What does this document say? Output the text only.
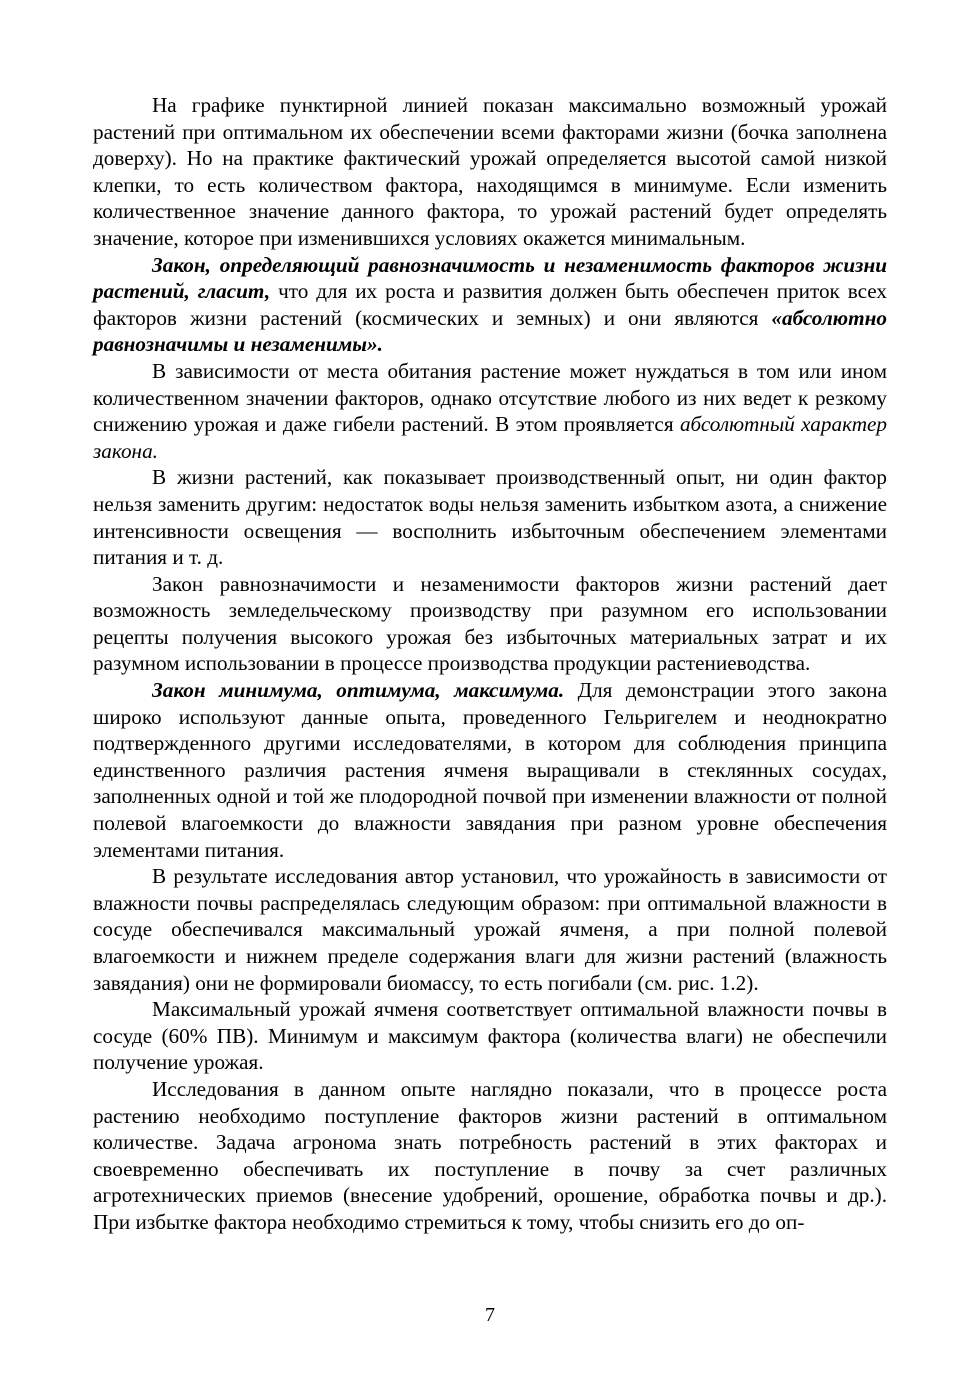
На графике пунктирной линией показан максимально возможный урожай растений при оптимальном их обеспечении всеми факторами жизни (бочка заполнена доверху). Но на практике фактический урожай определяется высотой самой низкой клепки, то есть количеством фактора, находящимся в минимуме. Если изменить количественное значение данного фактора, то урожай растений будет определять значение, которое при изменившихся условиях окажется минимальным.

Закон, определяющий равнозначимость и незаменимость факторов жизни растений, гласит, что для их роста и развития должен быть обеспечен приток всех факторов жизни растений (космических и земных) и они являются «абсолютно равнозначимы и незаменимы».

В зависимости от места обитания растение может нуждаться в том или ином количественном значении факторов, однако отсутствие любого из них ведет к резкому снижению урожая и даже гибели растений. В этом проявляется абсолютный характер закона.

В жизни растений, как показывает производственный опыт, ни один фактор нельзя заменить другим: недостаток воды нельзя заменить избытком азота, а снижение интенсивности освещения — восполнить избыточным обеспечением элементами питания и т. д.

Закон равнозначимости и незаменимости факторов жизни растений дает возможность земледельческому производству при разумном его использовании рецепты получения высокого урожая без избыточных материальных затрат и их разумном использовании в процессе производства продукции растениеводства.

Закон минимума, оптимума, максимума. Для демонстрации этого закона широко используют данные опыта, проведенного Гельригелем и неоднократно подтвержденного другими исследователями, в котором для соблюдения принципа единственного различия растения ячменя выращивали в стеклянных сосудах, заполненных одной и той же плодородной почвой при изменении влажности от полной полевой влагоемкости до влажности завядания при разном уровне обеспечения элементами питания.

В результате исследования автор установил, что урожайность в зависимости от влажности почвы распределялась следующим образом: при оптимальной влажности в сосуде обеспечивался максимальный урожай ячменя, а при полной полевой влагоемкости и нижнем пределе содержания влаги для жизни растений (влажность завядания) они не формировали биомассу, то есть погибали (см. рис. 1.2).

Максимальный урожай ячменя соответствует оптимальной влажности почвы в сосуде (60% ПВ). Минимум и максимум фактора (количества влаги) не обеспечили получение урожая.

Исследования в данном опыте наглядно показали, что в процессе роста растению необходимо поступление факторов жизни растений в оптимальном количестве. Задача агронома знать потребность растений в этих факторах и своевременно обеспечивать их поступление в почву за счет различных агротехнических приемов (внесение удобрений, орошение, обработка почвы и др.). При избытке фактора необходимо стремиться к тому, чтобы снизить его до оп-

7
